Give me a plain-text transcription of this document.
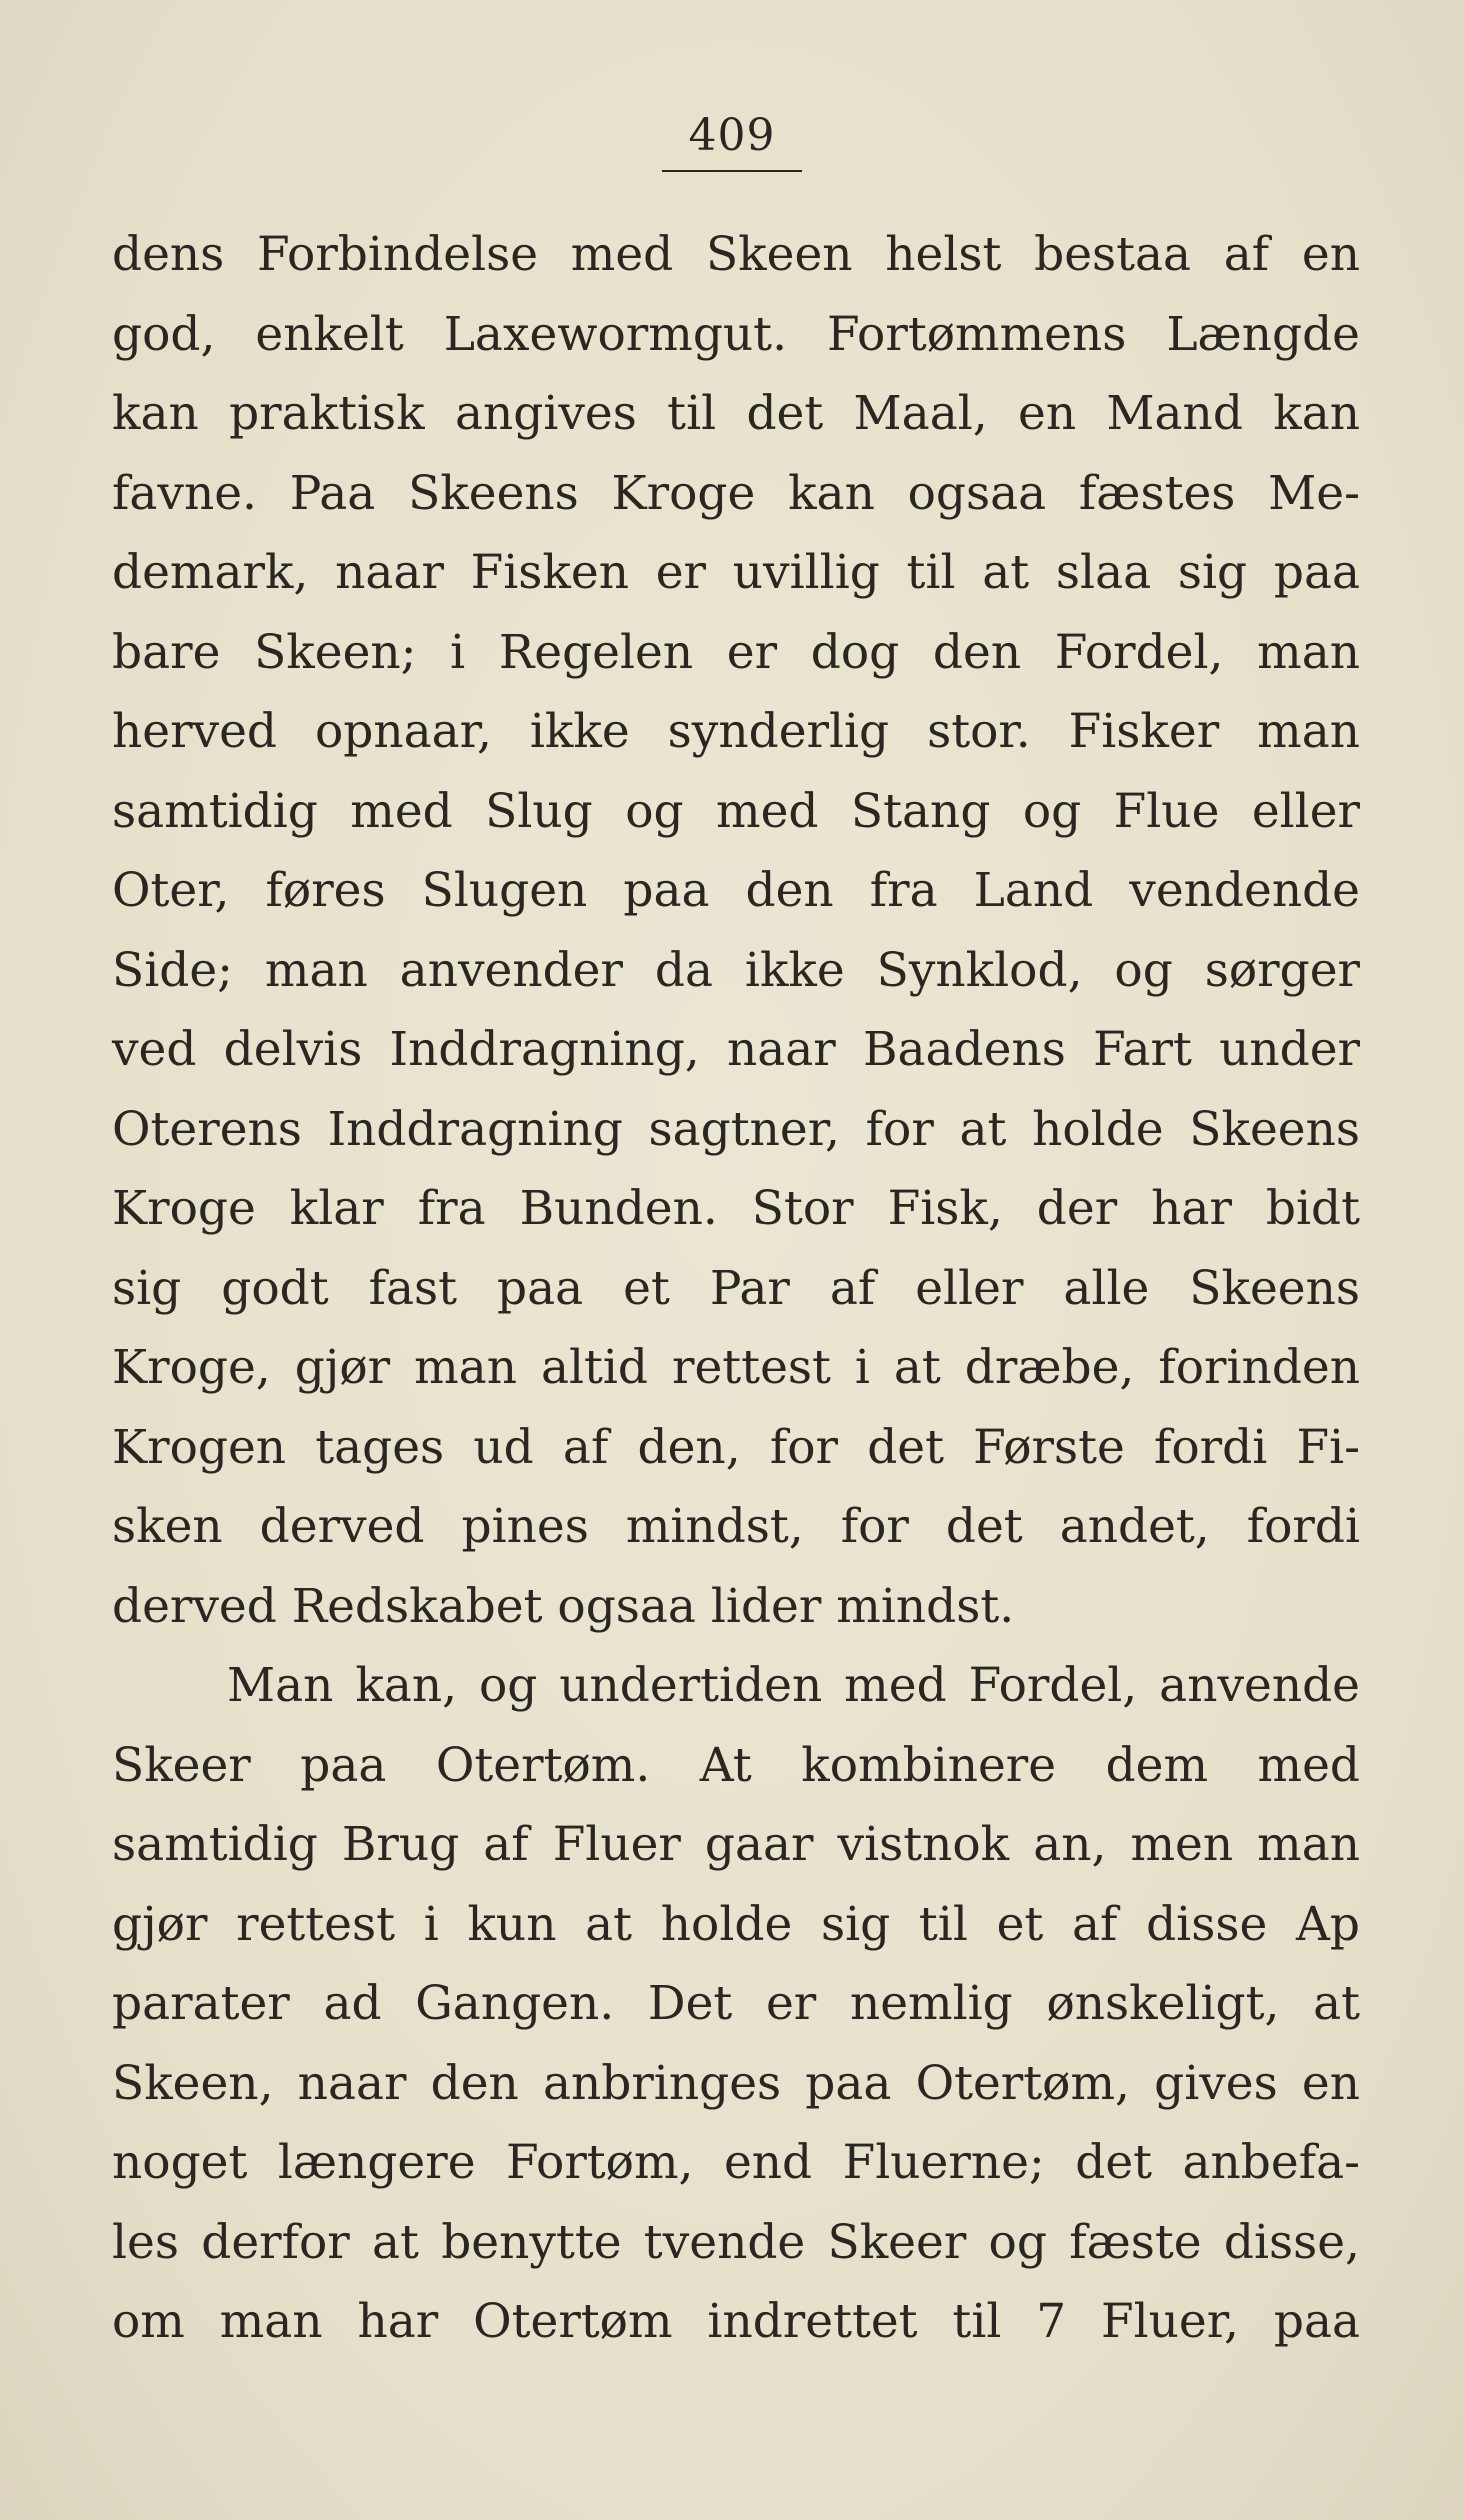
409
dens Forbindelse med Skeen helst bestaa af en
god, enkelt Laxewormgut. Fortømmens Længde
kan praktisk angives til det Maal, en Mand kan
favne. Paa Skeens Kroge kan ogsaa fæstes Me-
demark, naar Fisken er uvillig til at slaa sig paa
bare Skeen; i Regelen er dog den Fordel, man
herved opnaar, ikke synderlig stor. Fisker man
samtidig med Slug og med Stang og Flue eller
Oter, føres Slugen paa den fra Land vendende
Side; man anvender da ikke Synklod, og sørger
ved delvis Inddragning, naar Baadens Fart under
Oterens Inddragning sagtner, for at holde Skeens
Kroge klar fra Bunden. Stor Fisk, der har bidt
sig godt fast paa et Par af eller alle Skeens
Kroge, gjør man altid rettest i at dræbe, forinden
Krogen tages ud af den, for det Første fordi Fi-
sken derved pines mindst, for det andet, fordi
derved Redskabet ogsaa lider mindst.
Man kan, og undertiden med Fordel, anvende
Skeer paa Otertøm. At kombinere dem med
samtidig Brug af Fluer gaar vistnok an, men man
gjør rettest i kun at holde sig til et af disse Ap
parater ad Gangen. Det er nemlig ønskeligt, at
Skeen, naar den anbringes paa Otertøm, gives en
noget længere Fortøm, end Fluerne; det anbefa-
les derfor at benytte tvende Skeer og fæste disse,
om man har Otertøm indrettet til 7 Fluer, paa
